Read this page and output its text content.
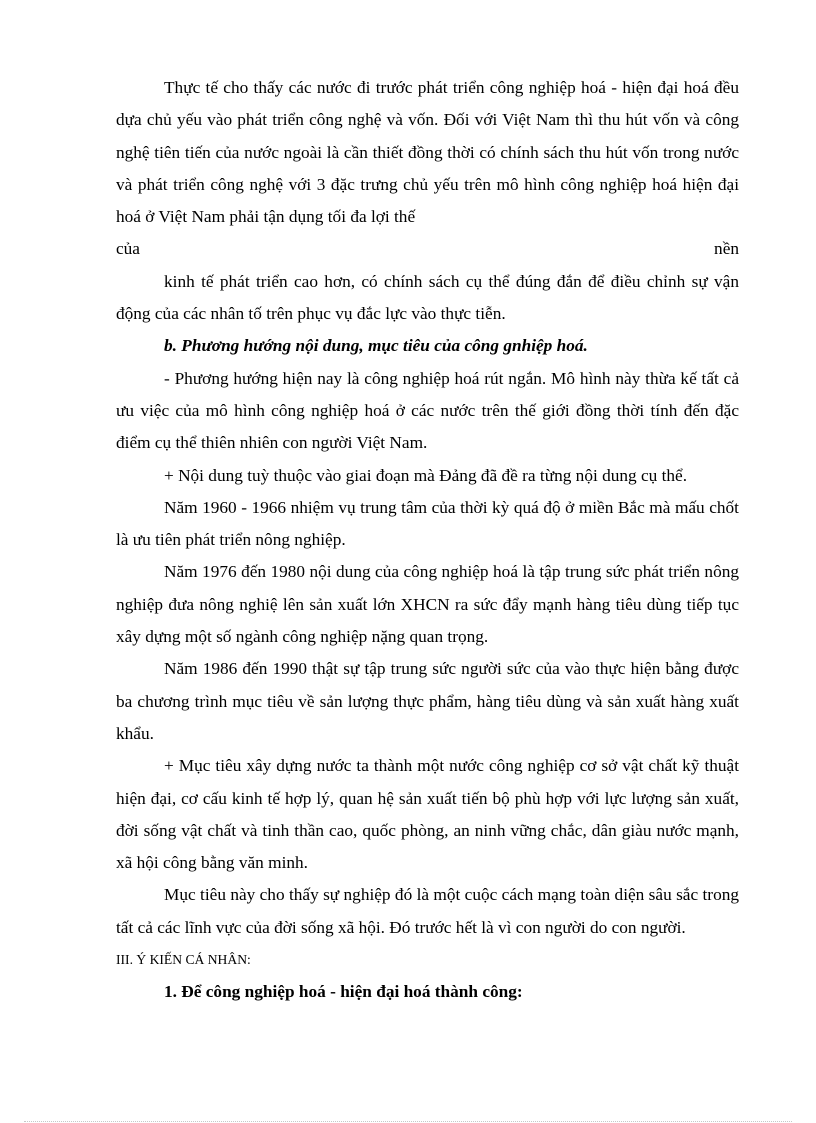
Thực tế cho thấy các nước đi trước phát triển công nghiệp hoá - hiện đại hoá đều dựa chủ yếu vào phát triển công nghệ và vốn. Đối với Việt Nam thì thu hút vốn và công nghệ tiên tiến của nước ngoài là cần thiết đồng thời có chính sách thu hút vốn trong nước và phát triển công nghệ với 3 đặc trưng chủ yếu trên mô hình công nghiệp hoá hiện đại hoá ở Việt Nam phải tận dụng tối đa lợi thế

của	nền

kinh tế phát triển cao hơn, có chính sách cụ thể đúng đắn để điều chỉnh sự vận động của các nhân tố trên phục vụ đắc lực vào thực tiễn.

b. Phương hướng nội dung, mục tiêu của công gnhiệp hoá.

- Phương hướng hiện nay là công nghiệp hoá rút ngắn. Mô hình này thừa kế tất cả ưu việc của mô hình công nghiệp hoá ở các nước trên thế giới đồng thời tính đến đặc điểm cụ thể thiên nhiên con người Việt Nam.

+ Nội dung tuỳ thuộc vào giai đoạn mà Đảng đã đề ra từng nội dung cụ thể.

Năm 1960 - 1966 nhiệm vụ trung tâm của thời kỳ quá độ ở miền Bắc mà mấu chốt là ưu tiên phát triển nông nghiệp.

Năm 1976 đến 1980 nội dung của công nghiệp hoá là tập trung sức phát triển nông nghiệp đưa nông nghiệ lên sản xuất lớn XHCN ra sức đẩy mạnh hàng tiêu dùng tiếp tục xây dựng một số ngành công nghiệp nặng quan trọng.

Năm 1986 đến 1990 thật sự tập trung sức người sức của vào thực hiện bằng được ba chương trình mục tiêu về sản lượng thực phẩm, hàng tiêu dùng và sản xuất hàng xuất khẩu.

+ Mục tiêu xây dựng nước ta thành một nước công nghiệp cơ sở vật chất kỹ thuật hiện đại, cơ cấu kinh tế hợp lý, quan hệ sản xuất tiến bộ phù hợp với lực lượng sản xuất, đời sống vật chất và tinh thần cao, quốc phòng, an ninh vững chắc, dân giàu nước mạnh, xã hội công bằng văn minh.

Mục tiêu này cho thấy sự nghiệp đó là một cuộc cách mạng toàn diện sâu sắc trong tất cả các lĩnh vực của đời sống xã hội. Đó trước hết là vì con người do con người.

III. Ý KIẾN CÁ NHÂN:

1. Để công nghiệp hoá - hiện đại hoá thành công:
